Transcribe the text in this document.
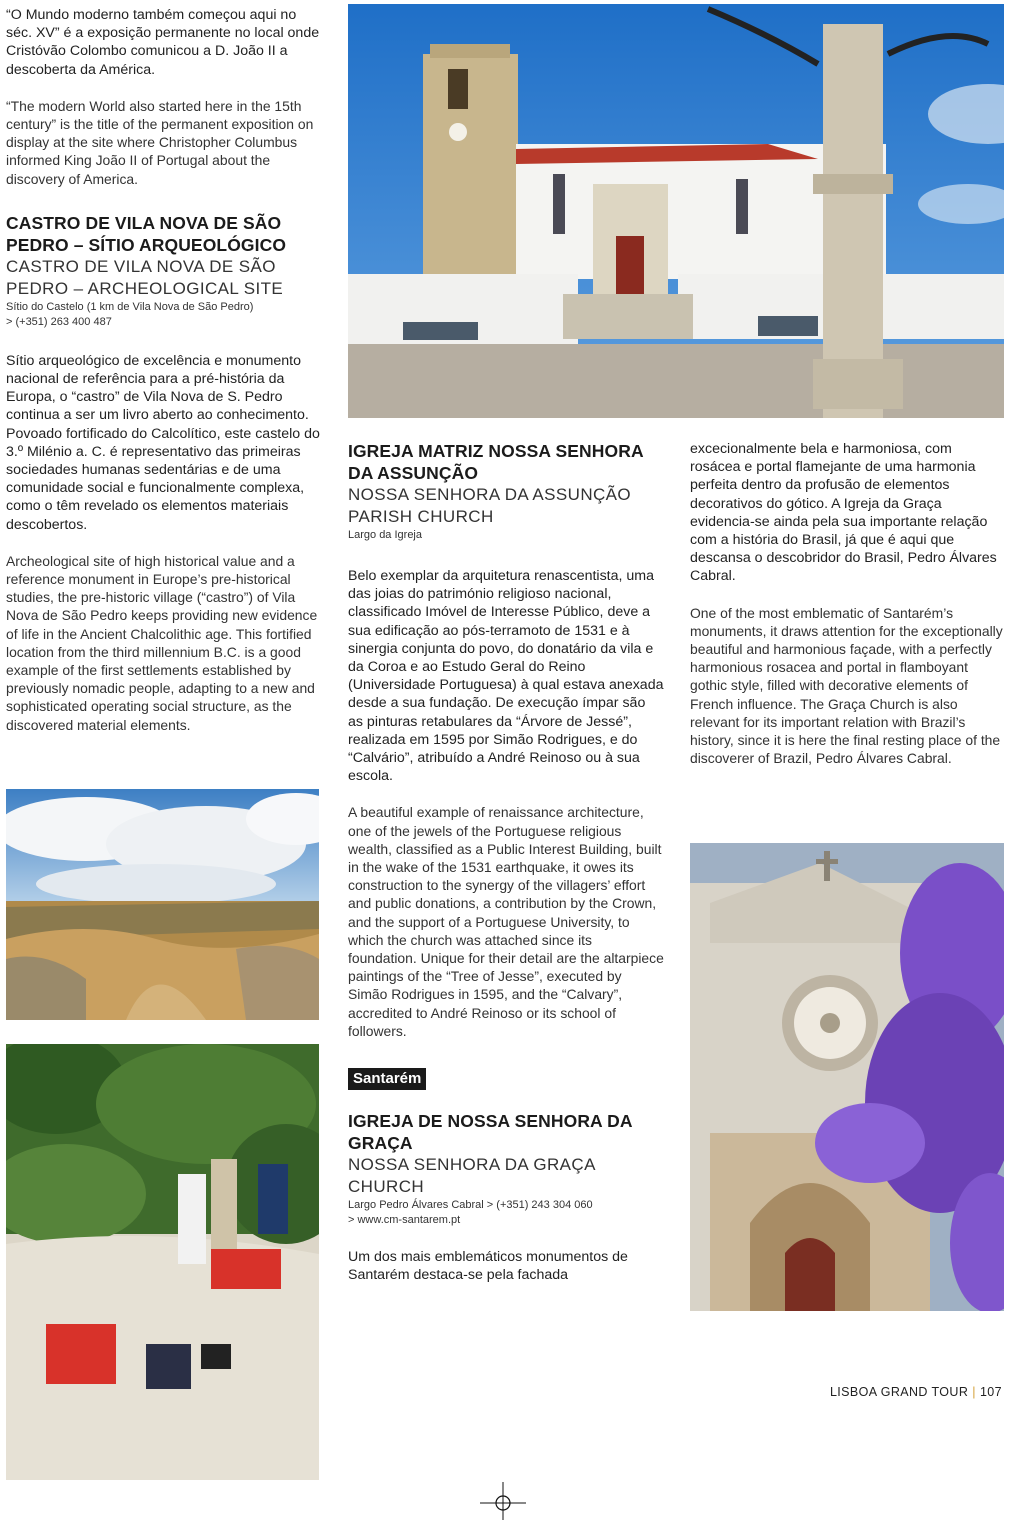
“O Mundo moderno também começou aqui no séc. XV” é a exposição permanente no local onde Cristóvão Colombo comunicou a D. João II a descoberta da América.

“The modern World also started here in the 15th century” is the title of the permanent exposition on display at the site where Christopher Columbus informed King João II of Portugal about the discovery of America.

CASTRO DE VILA NOVA DE SÃO PEDRO – SÍTIO ARQUEOLÓGICO
CASTRO DE VILA NOVA DE SÃO PEDRO – ARCHEOLOGICAL SITE

Sítio do Castelo (1 km de Vila Nova de São Pedro)

> (+351) 263 400 487

Sítio arqueológico de excelência e monumento nacional de referência para a pré-história da Europa, o “castro” de Vila Nova de S. Pedro continua a ser um livro aberto ao conhecimento. Povoado fortificado do Calcolítico, este castelo do 3.º Milénio a. C. é representativo das primeiras sociedades humanas sedentárias e de uma comunidade social e funcionalmente complexa, como o têm revelado os elementos materiais descobertos.

Archeological site of high historical value and a reference monument in Europe’s pre-historical studies, the pre-historic village (“castro”) of Vila Nova de São Pedro keeps providing new evidence of life in the Ancient Chalcolithic age. This fortified location from the third millennium B.C. is a good example of the first settlements established by previously nomadic people, adapting to a new and sophisticated operating social structure, as the discovered material elements.

IGREJA MATRIZ NOSSA SENHORA DA ASSUNÇÃO
NOSSA SENHORA DA ASSUNÇÃO PARISH CHURCH

Largo da Igreja

Belo exemplar da arquitetura renascentista, uma das joias do património religioso nacional, classificado Imóvel de Interesse Público, deve a sua edificação ao pós-terramoto de 1531 e à sinergia conjunta do povo, do donatário da vila e da Coroa e ao Estudo Geral do Reino (Universidade Portuguesa) à qual estava anexada desde a sua fundação. De execução ímpar são as pinturas retabulares da “Árvore de Jessé”, realizada em 1595 por Simão Rodrigues, e do “Calvário”, atribuído a André Reinoso ou à sua escola.

A beautiful example of renaissance architecture, one of the jewels of the Portuguese religious wealth, classified as a Public Interest Building, built in the wake of the 1531 earthquake, it owes its construction to the synergy of the villagers’ effort and public donations, a contribution by the Crown, and the support of a Portuguese University, to which the church was attached since its foundation. Unique for their detail are the altarpiece paintings of the “Tree of Jesse”, executed by Simão Rodrigues in 1595, and the “Calvary”, accredited to André Reinoso or its school of followers.

Santarém
IGREJA DE NOSSA SENHORA DA GRAÇA
NOSSA SENHORA DA GRAÇA CHURCH

Largo Pedro Álvares Cabral > (+351) 243 304 060

> www.cm-santarem.pt

Um dos mais emblemáticos monumentos de Santarém destaca-se pela fachada

excecionalmente bela e harmoniosa, com rosácea e portal flamejante de uma harmonia perfeita dentro da profusão de elementos decorativos do gótico. A Igreja da Graça evidencia-se ainda pela sua importante relação com a história do Brasil, já que é aqui que descansa o descobridor do Brasil, Pedro Álvares Cabral.

One of the most emblematic of Santarém’s monuments, it draws attention for the exceptionally beautiful and harmonious façade, with a perfectly harmonious rosacea and portal in flamboyant gothic style, filled with decorative elements of French influence. The Graça Church is also relevant for its important relation with Brazil’s history, since it is here the final resting place of the discoverer of Brazil, Pedro Álvares Cabral.

LISBOA GRAND TOUR | 107
